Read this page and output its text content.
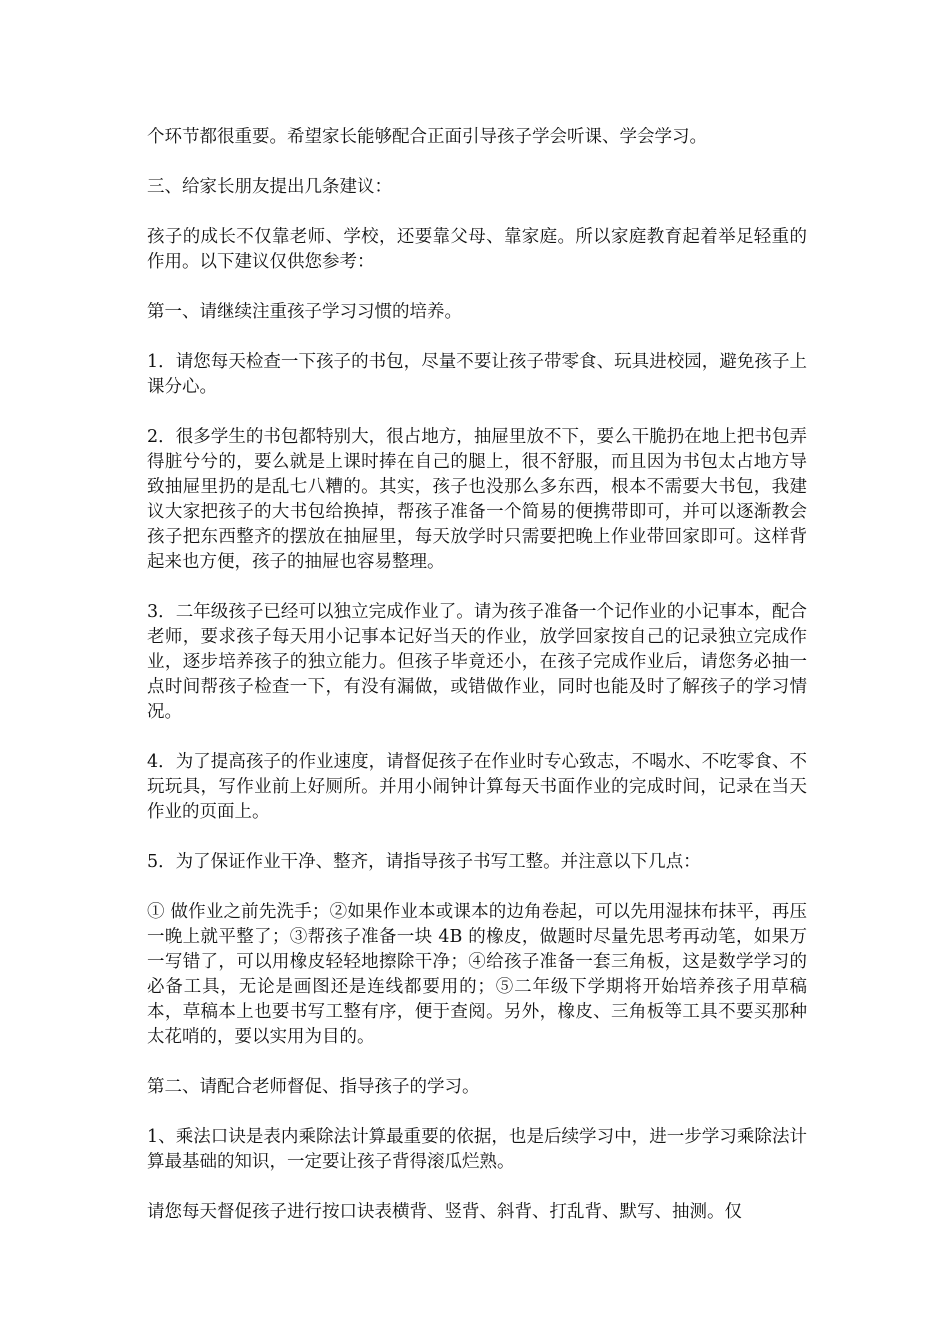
个环节都很重要。希望家长能够配合正面引导孩子学会听课、学会学习。

三、给家长朋友提出几条建议：

孩子的成长不仅靠老师、学校，还要靠父母、靠家庭。所以家庭教育起着举足轻重的作用。以下建议仅供您参考：

第一、请继续注重孩子学习习惯的培养。

1．请您每天检查一下孩子的书包，尽量不要让孩子带零食、玩具进校园，避免孩子上课分心。

2．很多学生的书包都特别大，很占地方，抽屉里放不下，要么干脆扔在地上把书包弄得脏兮兮的，要么就是上课时捧在自己的腿上，很不舒服，而且因为书包太占地方导致抽屉里扔的是乱七八糟的。其实，孩子也没那么多东西，根本不需要大书包，我建议大家把孩子的大书包给换掉，帮孩子准备一个简易的便携带即可，并可以逐渐教会孩子把东西整齐的摆放在抽屉里，每天放学时只需要把晚上作业带回家即可。这样背起来也方便，孩子的抽屉也容易整理。

3．二年级孩子已经可以独立完成作业了。请为孩子准备一个记作业的小记事本，配合老师，要求孩子每天用小记事本记好当天的作业，放学回家按自己的记录独立完成作业，逐步培养孩子的独立能力。但孩子毕竟还小，在孩子完成作业后，请您务必抽一点时间帮孩子检查一下，有没有漏做，或错做作业，同时也能及时了解孩子的学习情况。

4．为了提高孩子的作业速度，请督促孩子在作业时专心致志，不喝水、不吃零食、不玩玩具，写作业前上好厕所。并用小闹钟计算每天书面作业的完成时间，记录在当天作业的页面上。

5．为了保证作业干净、整齐，请指导孩子书写工整。并注意以下几点：

① 做作业之前先洗手；②如果作业本或课本的边角卷起，可以先用湿抹布抹平，再压一晚上就平整了；③帮孩子准备一块 4B 的橡皮，做题时尽量先思考再动笔，如果万一写错了，可以用橡皮轻轻地擦除干净；④给孩子准备一套三角板，这是数学学习的必备工具，无论是画图还是连线都要用的；⑤二年级下学期将开始培养孩子用草稿本，草稿本上也要书写工整有序，便于查阅。另外，橡皮、三角板等工具不要买那种太花哨的，要以实用为目的。

第二、请配合老师督促、指导孩子的学习。

1、乘法口诀是表内乘除法计算最重要的依据，也是后续学习中，进一步学习乘除法计算最基础的知识，一定要让孩子背得滚瓜烂熟。

请您每天督促孩子进行按口诀表横背、竖背、斜背、打乱背、默写、抽测。仅
